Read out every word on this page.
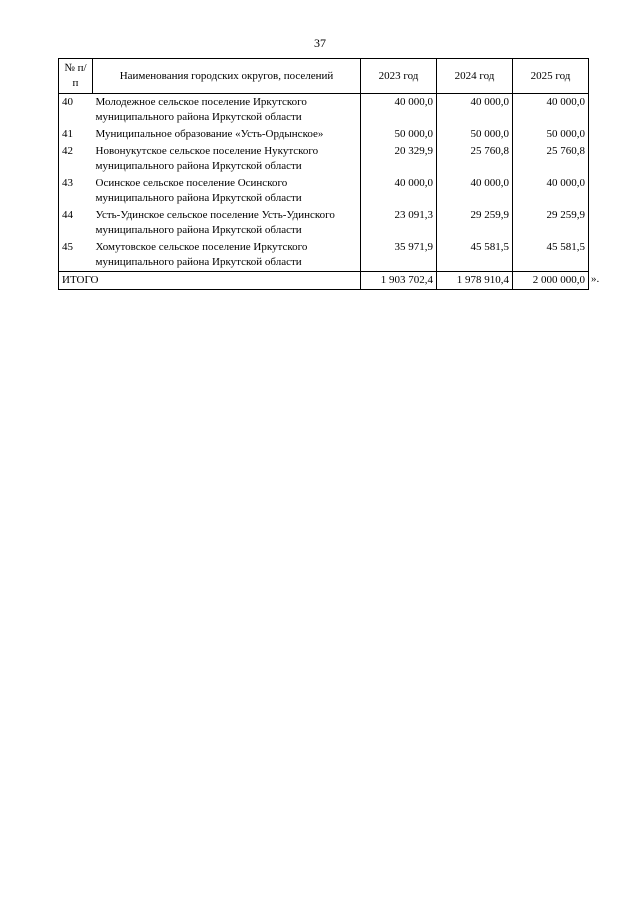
37
№ п/п	Наименования городских округов, поселений	2023 год	2024 год	2025 год
40	Молодежное сельское поселение Иркутского муниципального района Иркутской области	40 000,0	40 000,0	40 000,0
41	Муниципальное образование «Усть-Ордынское»	50 000,0	50 000,0	50 000,0
42	Новонукутское сельское поселение Нукутского муниципального района Иркутской области	20 329,9	25 760,8	25 760,8
43	Осинское сельское поселение Осинского муниципального района Иркутской области	40 000,0	40 000,0	40 000,0
44	Усть-Удинское сельское поселение Усть-Удинского муниципального района Иркутской области	23 091,3	29 259,9	29 259,9
45	Хомутовское сельское поселение Иркутского муниципального района Иркутской области	35 971,9	45 581,5	45 581,5
ИТОГО		1 903 702,4	1 978 910,4	2 000 000,0 ».
